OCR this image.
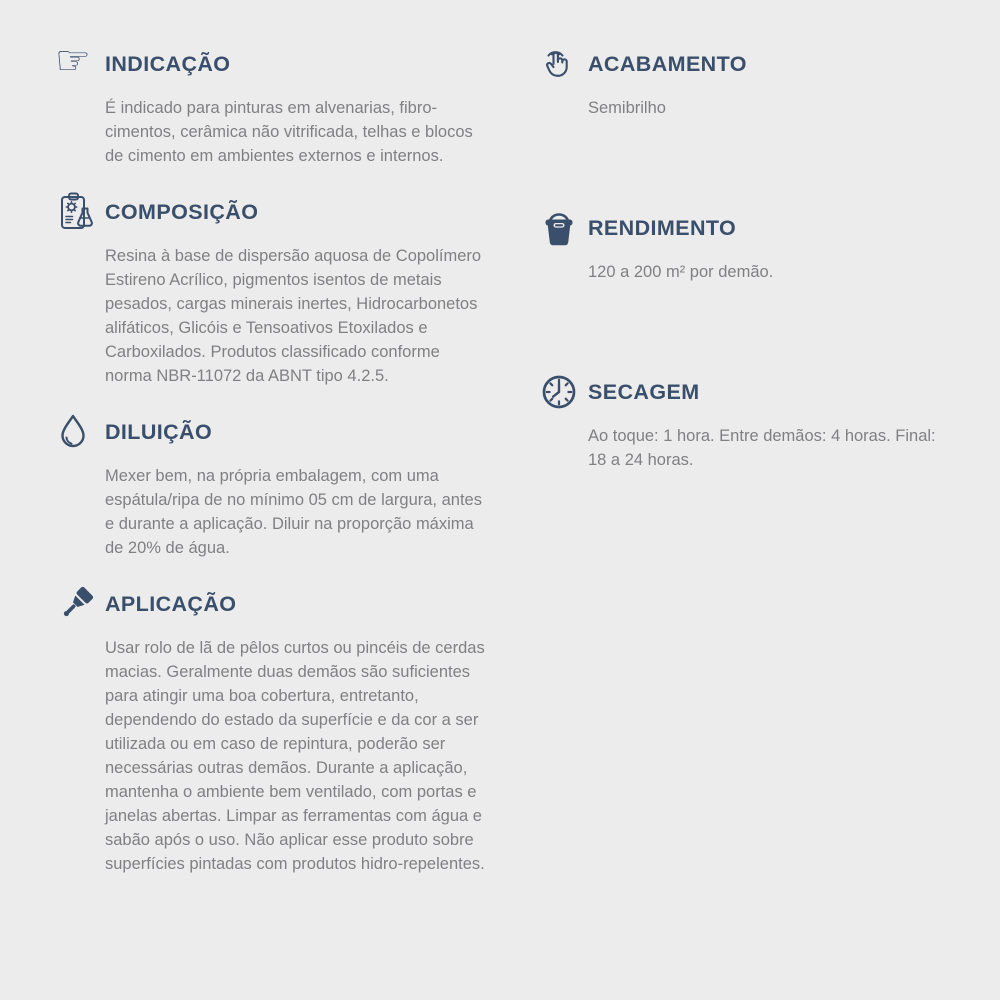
☞ INDICAÇÃO

É indicado para pinturas em alvenarias, fibro-cimentos, cerâmica não vitrificada, telhas e blocos de cimento em ambientes externos e internos.

COMPOSIÇÃO

Resina à base de dispersão aquosa de Copolímero Estireno Acrílico, pigmentos isentos de metais pesados, cargas minerais inertes, Hidrocarbonetos alifáticos, Glicóis e Tensoativos Etoxilados e Carboxilados. Produtos classificado conforme norma NBR-11072 da ABNT tipo 4.2.5.

DILUIÇÃO

Mexer bem, na própria embalagem, com uma espátula/ripa de no mínimo 05 cm de largura, antes e durante a aplicação. Diluir na proporção máxima de 20% de água.

APLICAÇÃO

Usar rolo de lã de pêlos curtos ou pincéis de cerdas macias. Geralmente duas demãos são suficientes para atingir uma boa cobertura, entretanto, dependendo do estado da superfície e da cor a ser utilizada ou em caso de repintura, poderão ser necessárias outras demãos. Durante a aplicação, mantenha o ambiente bem ventilado, com portas e janelas abertas. Limpar as ferramentas com água e sabão após o uso. Não aplicar esse produto sobre superfícies pintadas com produtos hidro-repelentes.

ACABAMENTO

Semibrilho

RENDIMENTO

120 a 200 m² por demão.

SECAGEM

Ao toque: 1 hora. Entre demãos: 4 horas. Final: 18 a 24 horas.
